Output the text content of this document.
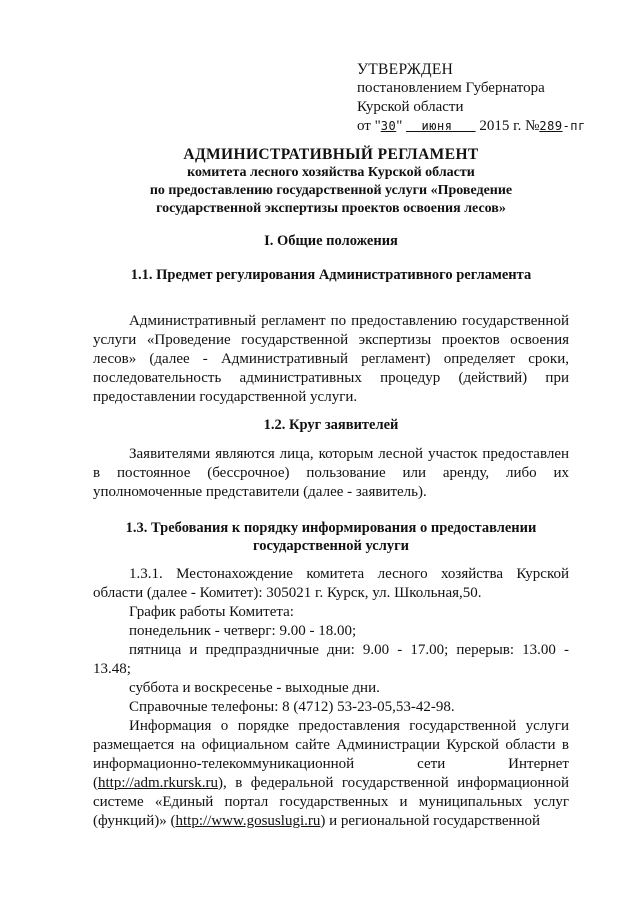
УТВЕРЖДЕН
постановлением Губернатора
Курской области
от "30" июня 2015 г. №289-пг
АДМИНИСТРАТИВНЫЙ РЕГЛАМЕНТ
комитета лесного хозяйства Курской области
по предоставлению государственной услуги «Проведение
государственной экспертизы проектов освоения лесов»
I. Общие положения
1.1. Предмет регулирования Административного регламента

Административный регламент по предоставлению государственной услуги «Проведение государственной экспертизы проектов освоения лесов» (далее - Административный регламент) определяет сроки, последовательность административных процедур (действий) при предоставлении государственной услуги.

1.2. Круг заявителей

Заявителями являются лица, которым лесной участок предоставлен в постоянное (бессрочное) пользование или аренду, либо их уполномоченные представители (далее - заявитель).

1.3. Требования к порядку информирования о предоставлении
государственной услуги

1.3.1. Местонахождение комитета лесного хозяйства Курской области (далее - Комитет): 305021 г. Курск, ул. Школьная,50.

График работы Комитета:

понедельник - четверг: 9.00 - 18.00;

пятница и предпраздничные дни: 9.00 - 17.00; перерыв: 13.00 - 13.48;

суббота и воскресенье - выходные дни.

Справочные телефоны: 8 (4712) 53-23-05,53-42-98.

Информация о порядке предоставления государственной услуги размещается на официальном сайте Администрации Курской области в информационно-телекоммуникационной сети Интернет (http://adm.rkursk.ru), в федеральной государственной информационной системе «Единый портал государственных и муниципальных услуг (функций)» (http://www.gosuslugi.ru) и региональной государственной
